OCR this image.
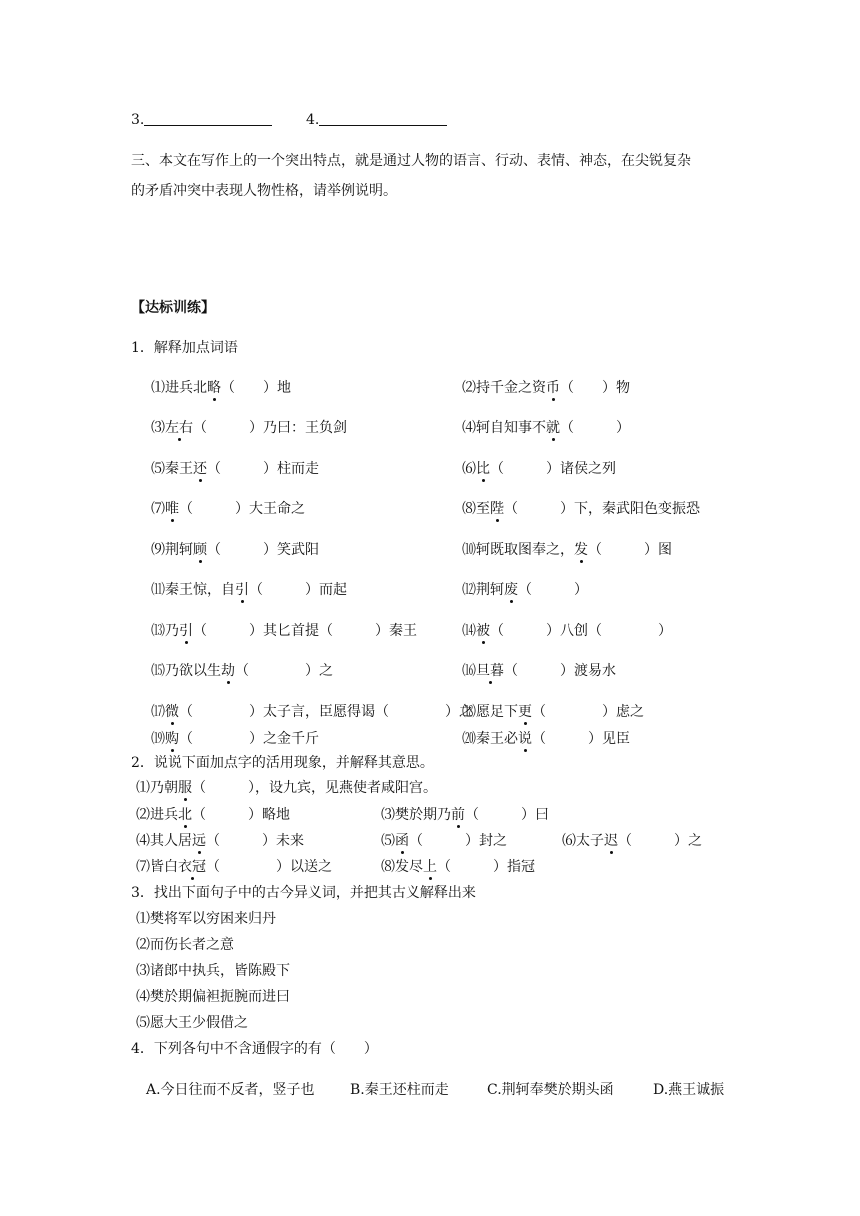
3.	4.
三、本文在写作上的一个突出特点，就是通过人物的语言、行动、表情、神态，在尖锐复杂
的矛盾冲突中表现人物性格，请举例说明。
【达标训练】
1．解释加点词语
⑴进兵北略（　　）地	⑵持千金之资币（　　）物
⑶左右（　　　）乃曰：王负剑	⑷轲自知事不就（　　　）
⑸秦王还（　　　）柱而走	⑹比（　　　）诸侯之列
⑺唯（　　　）大王命之	⑻至陛（　　　）下，秦武阳色变振恐
⑼荆轲顾（　　　）笑武阳	⑽轲既取图奉之，发（　　　）图
⑾秦王惊，自引（　　　）而起	⑿荆轲废（　　　）
⒀乃引（　　　）其匕首提（　　　）秦王	⒁被（　　　）八创（　　　　）
⒂乃欲以生劫（　　　　）之	⒃旦暮（　　　）渡易水
⒄微（　　　　）太子言，臣愿得谒（　　　　）之
⒅愿足下更（　　　　）虑之
⒆购（　　　　）之金千斤	⒇秦王必说（　　　）见臣
2．说说下面加点字的活用现象，并解释其意思。
⑴乃朝服（　　　），设九宾，见燕使者咸阳宫。
⑵进兵北（　　　）略地	⑶樊於期乃前（　　　）曰
⑷其人居远（　　　）未来	⑸函（　　　）封之	⑹太子迟（　　　）之
⑺皆白衣冠（　　　　）以送之	⑻发尽上（　　　）指冠
3．找出下面句子中的古今异义词，并把其古义解释出来
⑴樊将军以穷困来归丹
⑵而伤长者之意
⑶诸郎中执兵，皆陈殿下
⑷樊於期偏袒扼腕而进曰
⑸愿大王少假借之
4．下列各句中不含通假字的有（　　）
A.今日往而不反者，竖子也	B.秦王还柱而走	C.荆轲奉樊於期头函	D.燕王诚振
